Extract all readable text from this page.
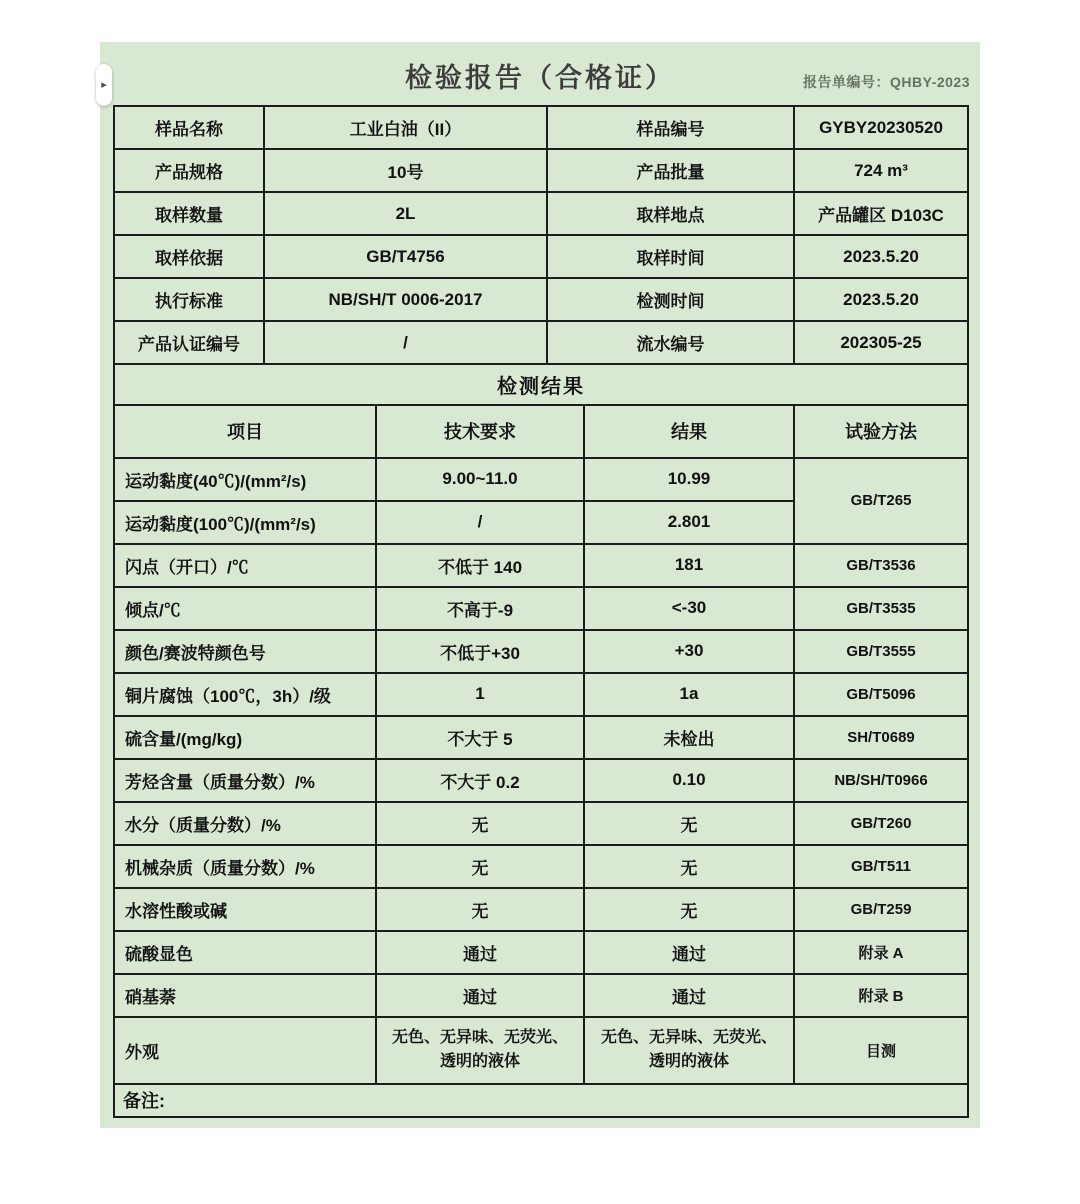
▸	检验报告（合格证）	报告单编号：QHBY-2023
样品名称	工业白油（II）	样品编号	GYBY20230520
产品规格	10号	产品批量	724 m³
取样数量	2L	取样地点	产品罐区 D103C
取样依据	GB/T4756	取样时间	2023.5.20
执行标准	NB/SH/T 0006-2017	检测时间	2023.5.20
产品认证编号	/	流水编号	202305-25
检测结果			
项目	技术要求	结果	试验方法
运动黏度(40℃)/(mm²/s)	9.00~11.0	10.99	GB/T265
运动黏度(100℃)/(mm²/s)	/	2.801	
闪点（开口）/℃	不低于 140	181	GB/T3536
倾点/℃	不高于-9	<-30	GB/T3535
颜色/赛波特颜色号	不低于+30	+30	GB/T3555
铜片腐蚀（100℃，3h）/级	1	1a	GB/T5096
硫含量/(mg/kg)	不大于 5	未检出	SH/T0689
芳烃含量（质量分数）/%	不大于 0.2	0.10	NB/SH/T0966
水分（质量分数）/%	无	无	GB/T260
机械杂质（质量分数）/%	无	无	GB/T511
水溶性酸或碱	无	无	GB/T259
硫酸显色	通过	通过	附录 A
硝基萘	通过	通过	附录 B
外观	无色、无异味、无荧光、透明的液体	无色、无异味、无荧光、透明的液体	目测
备注:			
